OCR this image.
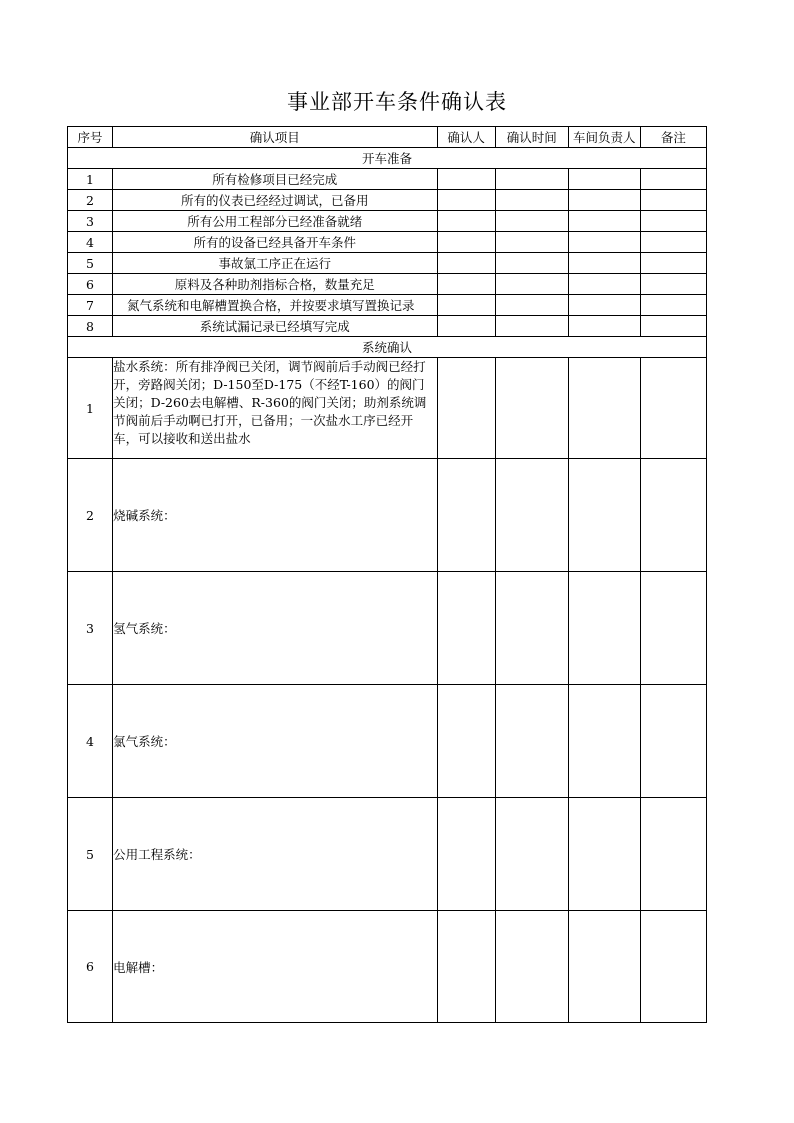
事业部开车条件确认表
序号	确认项目	确认人	确认时间	车间负责人	备注
开车准备					
1	所有检修项目已经完成				
2	所有的仪表已经经过调试，已备用				
3	所有公用工程部分已经准备就绪				
4	所有的设备已经具备开车条件				
5	事故氯工序正在运行				
6	原料及各种助剂指标合格，数量充足				
7	氮气系统和电解槽置换合格，并按要求填写置换记录				
8	系统试漏记录已经填写完成				
系统确认					
1	盐水系统：所有排净阀已关闭，调节阀前后手动阀已经打开，旁路阀关闭；D-150至D-175（不经T-160）的阀门关闭；D-260去电解槽、R-360的阀门关闭；助剂系统调节阀前后手动啊已打开，已备用；一次盐水工序已经开车，可以接收和送出盐水				

2	烧碱系统：				
3	氢气系统：				
4	氯气系统：				
5	公用工程系统：				
6	电解槽：				
